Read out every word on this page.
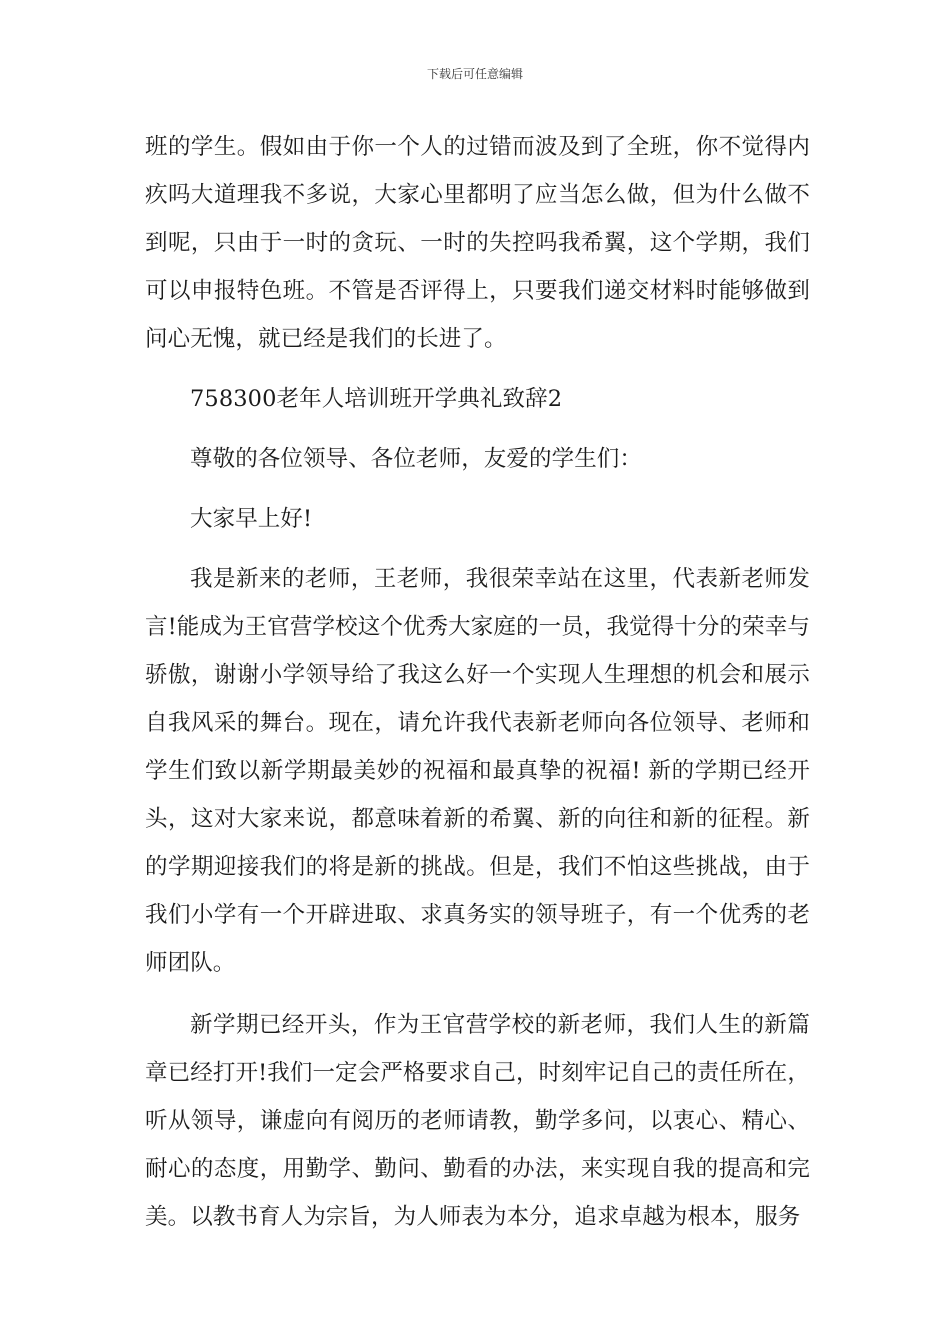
下载后可任意编辑

班的学生。假如由于你一个人的过错而波及到了全班，你不觉得内疚吗大道理我不多说，大家心里都明了应当怎么做，但为什么做不到呢，只由于一时的贪玩、一时的失控吗我希翼，这个学期，我们可以申报特色班。不管是否评得上，只要我们递交材料时能够做到问心无愧，就已经是我们的长进了。

758300老年人培训班开学典礼致辞2

尊敬的各位领导、各位老师，友爱的学生们：

大家早上好!

我是新来的老师，王老师，我很荣幸站在这里，代表新老师发言!能成为王官营学校这个优秀大家庭的一员，我觉得十分的荣幸与骄傲，谢谢小学领导给了我这么好一个实现人生理想的机会和展示自我风采的舞台。现在，请允许我代表新老师向各位领导、老师和学生们致以新学期最美妙的祝福和最真挚的祝福! 新的学期已经开头，这对大家来说，都意味着新的希翼、新的向往和新的征程。新的学期迎接我们的将是新的挑战。但是，我们不怕这些挑战，由于我们小学有一个开辟进取、求真务实的领导班子，有一个优秀的老师团队。

新学期已经开头，作为王官营学校的新老师，我们人生的新篇章已经打开!我们一定会严格要求自己，时刻牢记自己的责任所在，听从领导，谦虚向有阅历的老师请教，勤学多问，以衷心、精心、耐心的态度，用勤学、勤问、勤看的办法，来实现自我的提高和完美。以教书育人为宗旨，为人师表为本分，追求卓越为根本，服务
